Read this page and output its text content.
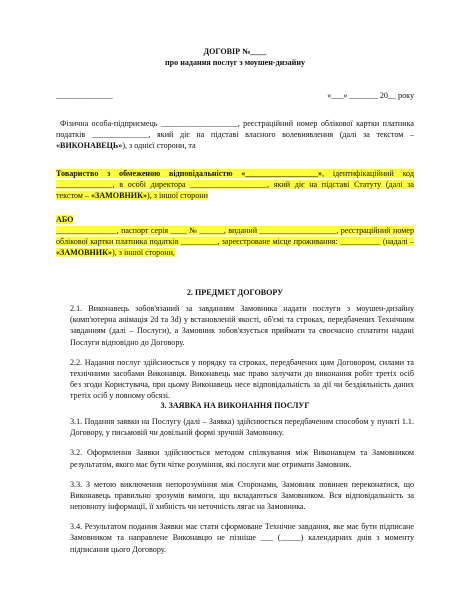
ДОГОВІР №____

про надання послуг з моушен-дизайну

______________	«___» _______ 20__ року

Фізична особа-підприємець ___________________, реєстраційний номер облікової картки платника податків ______________, який діє на підставі власного волевиявлення (далі за текстом – «ВИКОНАВЕЦЬ»), з однієї сторони, та

Товариство з обмеженою відповідальністю «__________________», ідентифікаційний код ______________, в особі директора ___________________, який діє на підставі Статуту (далі за текстом – «ЗАМОВНИК»), з іншої сторони

АБО

_______________, паспорт серія ____ № ______, виданий ___________________, реєстраційний номер облікової картки платника податків _________, зареєстроване місце проживання: __________ (надалі – «ЗАМОВНИК»), з іншої сторони,

2. ПРЕДМЕТ ДОГОВОРУ

2.1. Виконавець зобов'язаний за завданням Замовника надати послуги з моушен-дизайну (комп'ютерна анімація 2d та 3d) у встановленій якості, об'ємі та строках, передбачених Технічним завданням (далі – Послуги), а Замовник зобов'язується приймати та своєчасно сплатити надані Послуги відповідно до Договору.

2.2. Надання послуг здійснюється у порядку та строках, передбачених цим Договором, силами та технічними засобами Виконавця. Виконавець має право залучати до виконання робіт третіх осіб без згоди Користувача, при цьому Виконавець несе відповідальність за дії чи бездіяльність даних третіх осіб у повному обсязі.

3. ЗАЯВКА НА ВИКОНАННЯ ПОСЛУГ

3.1. Подання заявки на Послугу (далі – Заявка) здійснюється передбаченим способом у пункті 1.1. Договору, у письмовій чи довільній формі зручній Замовнику.

3.2. Оформлення Заявки здійснюється методом спілкування між Виконавцем та Замовником результатом, якого має бути чітке розуміння, які послуги має отримати Замовник.

3.3. З метою виключення непорозуміння між Сторонами, Замовник повинен переконатися, що Виконавець правильно зрозумів вимоги, що вкладаються Замовником. Вся відповідальність за неповноту інформації, її хибність чи неточність лягає на Замовника.

3.4. Результатом подання Заявки має стати сформоване Технічне завдання, яке має бути підписане Замовником та направлене Виконавцю не пізніше ___ (_____) календарних днів з моменту підписання цього Договору.
